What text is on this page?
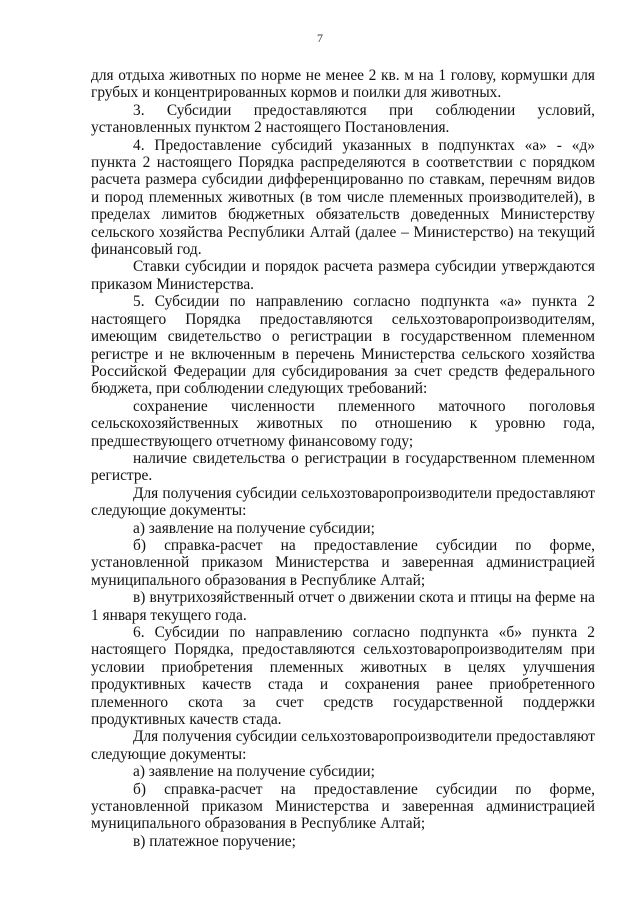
7

для отдыха животных по норме не менее 2 кв. м на 1 голову, кормушки для грубых и концентрированных кормов и поилки для животных.

3. Субсидии предоставляются при соблюдении условий, установленных пунктом 2 настоящего Постановления.

4. Предоставление субсидий указанных в подпунктах «а» - «д» пункта 2 настоящего Порядка распределяются в соответствии с порядком расчета размера субсидии дифференцированно по ставкам, перечням видов и пород племенных животных (в том числе племенных производителей), в пределах лимитов бюджетных обязательств доведенных Министерству сельского хозяйства Республики Алтай (далее – Министерство) на текущий финансовый год.

Ставки субсидии и порядок расчета размера субсидии утверждаются приказом Министерства.

5. Субсидии по направлению согласно подпункта «а» пункта 2 настоящего Порядка предоставляются сельхозтоваропроизводителям, имеющим свидетельство о регистрации в государственном племенном регистре и не включенным в перечень Министерства сельского хозяйства Российской Федерации для субсидирования за счет средств федерального бюджета, при соблюдении следующих требований:

сохранение численности племенного маточного поголовья сельскохозяйственных животных по отношению к уровню года, предшествующего отчетному финансовому году;

наличие свидетельства о регистрации в государственном племенном регистре.

Для получения субсидии сельхозтоваропроизводители предоставляют следующие документы:

а) заявление на получение субсидии;

б) справка-расчет на предоставление субсидии по форме, установленной приказом Министерства и заверенная администрацией муниципального образования в Республике Алтай;

в) внутрихозяйственный отчет о движении скота и птицы на ферме на 1 января текущего года.

6. Субсидии по направлению согласно подпункта «б» пункта 2 настоящего Порядка, предоставляются сельхозтоваропроизводителям при условии приобретения племенных животных в целях улучшения продуктивных качеств стада и сохранения ранее приобретенного племенного скота за счет средств государственной поддержки продуктивных качеств стада.

Для получения субсидии сельхозтоваропроизводители предоставляют следующие документы:

а) заявление на получение субсидии;

б) справка-расчет на предоставление субсидии по форме, установленной приказом Министерства и заверенная администрацией муниципального образования в Республике Алтай;

в) платежное поручение;
